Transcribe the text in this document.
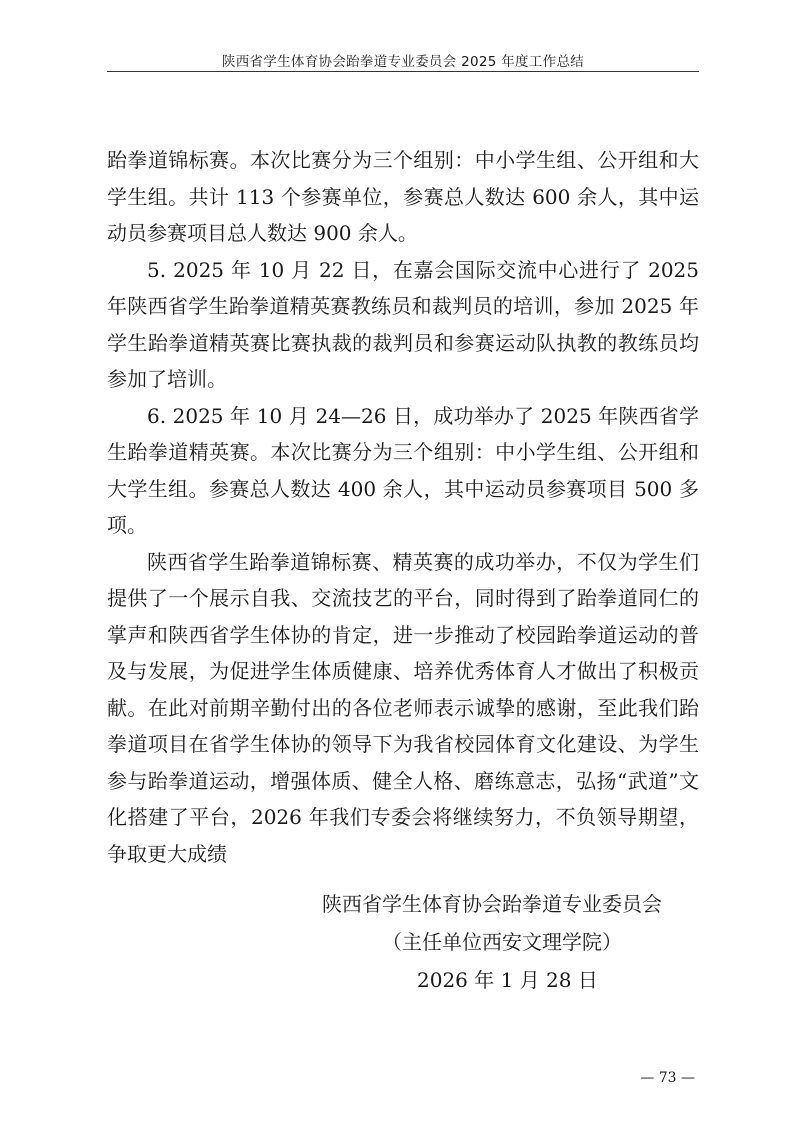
陕西省学生体育协会跆拳道专业委员会 2025 年度工作总结

跆拳道锦标赛。本次比赛分为三个组别：中小学生组、公开组和大学生组。共计 113 个参赛单位，参赛总人数达 600 余人，其中运动员参赛项目总人数达 900 余人。

5. 2025 年 10 月 22 日，在嘉会国际交流中心进行了 2025 年陕西省学生跆拳道精英赛教练员和裁判员的培训，参加 2025 年学生跆拳道精英赛比赛执裁的裁判员和参赛运动队执教的教练员均参加了培训。

6. 2025 年 10 月 24—26 日，成功举办了 2025 年陕西省学生跆拳道精英赛。本次比赛分为三个组别：中小学生组、公开组和大学生组。参赛总人数达 400 余人，其中运动员参赛项目 500 多项。

陕西省学生跆拳道锦标赛、精英赛的成功举办，不仅为学生们提供了一个展示自我、交流技艺的平台，同时得到了跆拳道同仁的掌声和陕西省学生体协的肯定，进一步推动了校园跆拳道运动的普及与发展，为促进学生体质健康、培养优秀体育人才做出了积极贡献。在此对前期辛勤付出的各位老师表示诚挚的感谢，至此我们跆拳道项目在省学生体协的领导下为我省校园体育文化建设、为学生参与跆拳道运动，增强体质、健全人格、磨练意志，弘扬“武道”文化搭建了平台，2026 年我们专委会将继续努力，不负领导期望，争取更大成绩

陕西省学生体育协会跆拳道专业委员会
（主任单位西安文理学院）
2026 年 1 月 28 日
— 73 —
